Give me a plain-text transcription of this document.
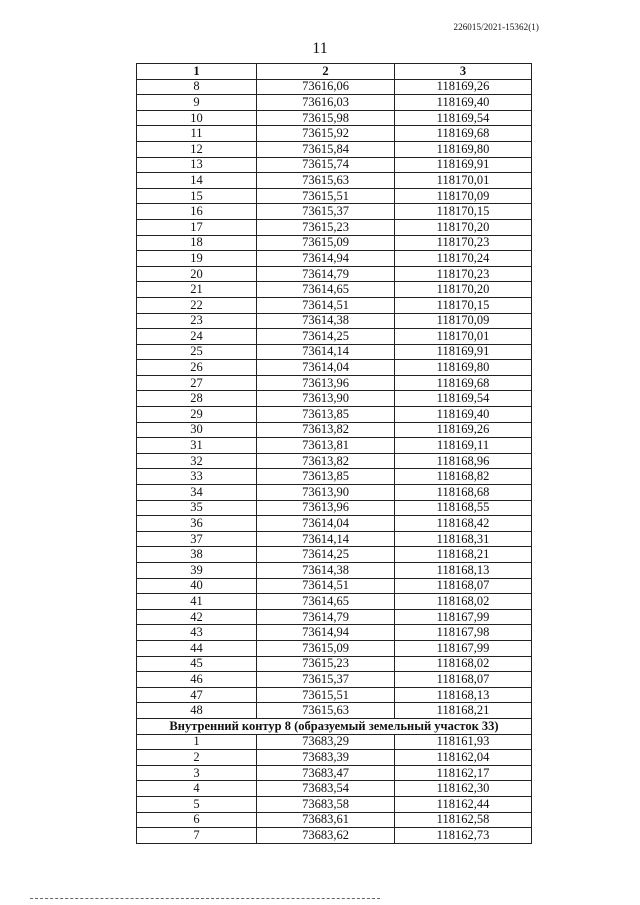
226015/2021-15362(1)
11
1	2	3
8	73616,06	118169,26
9	73616,03	118169,40
10	73615,98	118169,54
11	73615,92	118169,68
12	73615,84	118169,80
13	73615,74	118169,91
14	73615,63	118170,01
15	73615,51	118170,09
16	73615,37	118170,15
17	73615,23	118170,20
18	73615,09	118170,23
19	73614,94	118170,24
20	73614,79	118170,23
21	73614,65	118170,20
22	73614,51	118170,15
23	73614,38	118170,09
24	73614,25	118170,01
25	73614,14	118169,91
26	73614,04	118169,80
27	73613,96	118169,68
28	73613,90	118169,54
29	73613,85	118169,40
30	73613,82	118169,26
31	73613,81	118169,11
32	73613,82	118168,96
33	73613,85	118168,82
34	73613,90	118168,68
35	73613,96	118168,55
36	73614,04	118168,42
37	73614,14	118168,31
38	73614,25	118168,21
39	73614,38	118168,13
40	73614,51	118168,07
41	73614,65	118168,02
42	73614,79	118167,99
43	73614,94	118167,98
44	73615,09	118167,99
45	73615,23	118168,02
46	73615,37	118168,07
47	73615,51	118168,13
48	73615,63	118168,21
Внутренний контур 8 (образуемый земельный участок 33)		
1	73683,29	118161,93
2	73683,39	118162,04
3	73683,47	118162,17
4	73683,54	118162,30
5	73683,58	118162,44
6	73683,61	118162,58
7	73683,62	118162,73
